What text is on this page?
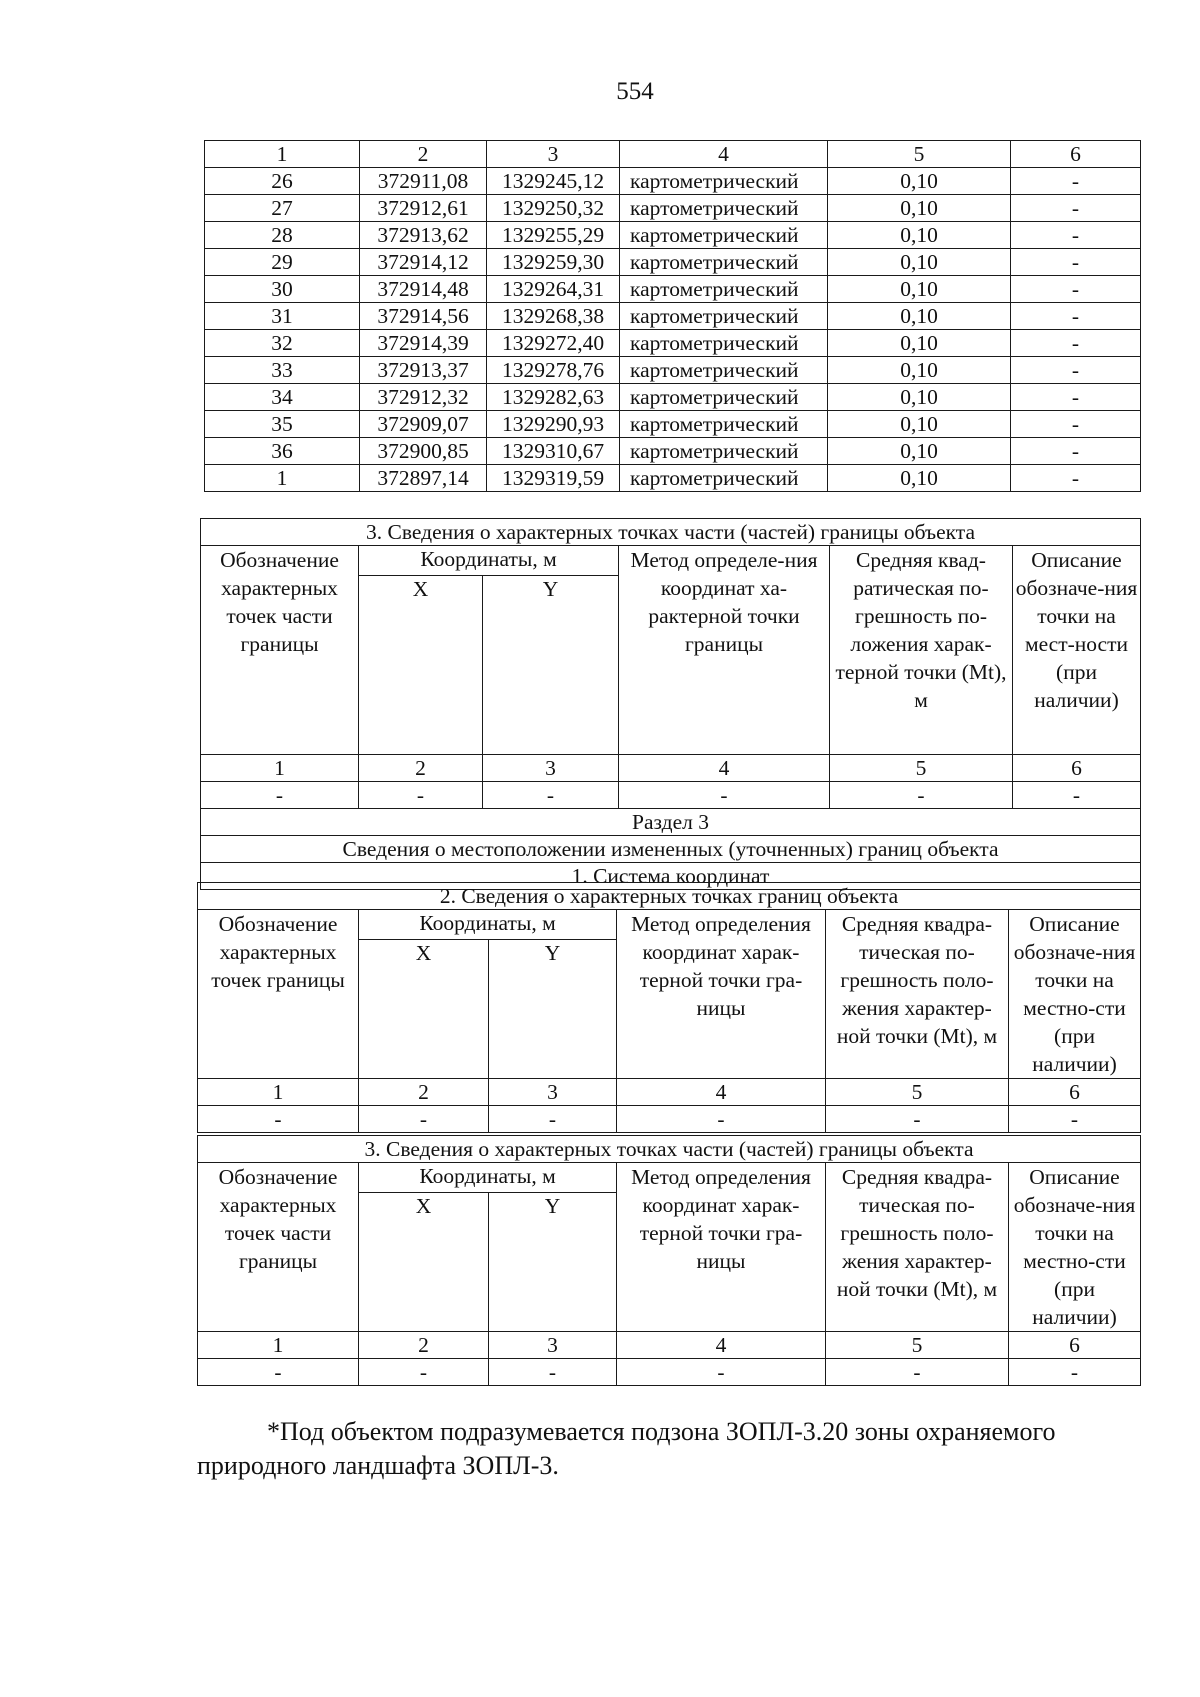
554
1	2	3	4	5	6
26	372911,08	1329245,12	картометрический	0,10	-
27	372912,61	1329250,32	картометрический	0,10	-
28	372913,62	1329255,29	картометрический	0,10	-
29	372914,12	1329259,30	картометрический	0,10	-
30	372914,48	1329264,31	картометрический	0,10	-
31	372914,56	1329268,38	картометрический	0,10	-
32	372914,39	1329272,40	картометрический	0,10	-
33	372913,37	1329278,76	картометрический	0,10	-
34	372912,32	1329282,63	картометрический	0,10	-
35	372909,07	1329290,93	картометрический	0,10	-
36	372900,85	1329310,67	картометрический	0,10	-
1	372897,14	1329319,59	картометрический	0,10	-
3. Сведения о характерных точках части (частей) границы объекта					
Обозначение характерных точек части границы	Координаты, м		Метод определе-ния координат ха-рактерной точки границы	Средняя квад-ратическая по-грешность по-ложения харак-терной точки (Mt), м	Описание обозначе-ния точки на мест-ности (при наличии)
	X	Y			
1	2	3	4	5	6
-	-	-	-	-	-
Раздел 3					
Сведения о местоположении измененных (уточненных) границ объекта					
1. Система координат					
2. Сведения о характерных точках границ объекта					
Обозначение характерных точек границы	Координаты, м		Метод определения координат харак-терной точки гра-ницы	Средняя квадра-тическая по-грешность поло-жения характер-ной точки (Mt), м	Описание обозначе-ния точки на местно-сти (при наличии)
	X	Y			
1	2	3	4	5	6
-	-	-	-	-	-
3. Сведения о характерных точках части (частей) границы объекта					
Обозначение характерных точек части границы	Координаты, м		Метод определения координат харак-терной точки гра-ницы	Средняя квадра-тическая по-грешность поло-жения характер-ной точки (Mt), м	Описание обозначе-ния точки на местно-сти (при наличии)
	X	Y			
1	2	3	4	5	6
-	-	-	-	-	-
*Под объектом подразумевается подзона ЗОПЛ-3.20 зоны охраняемого
природного ландшафта ЗОПЛ-3.
